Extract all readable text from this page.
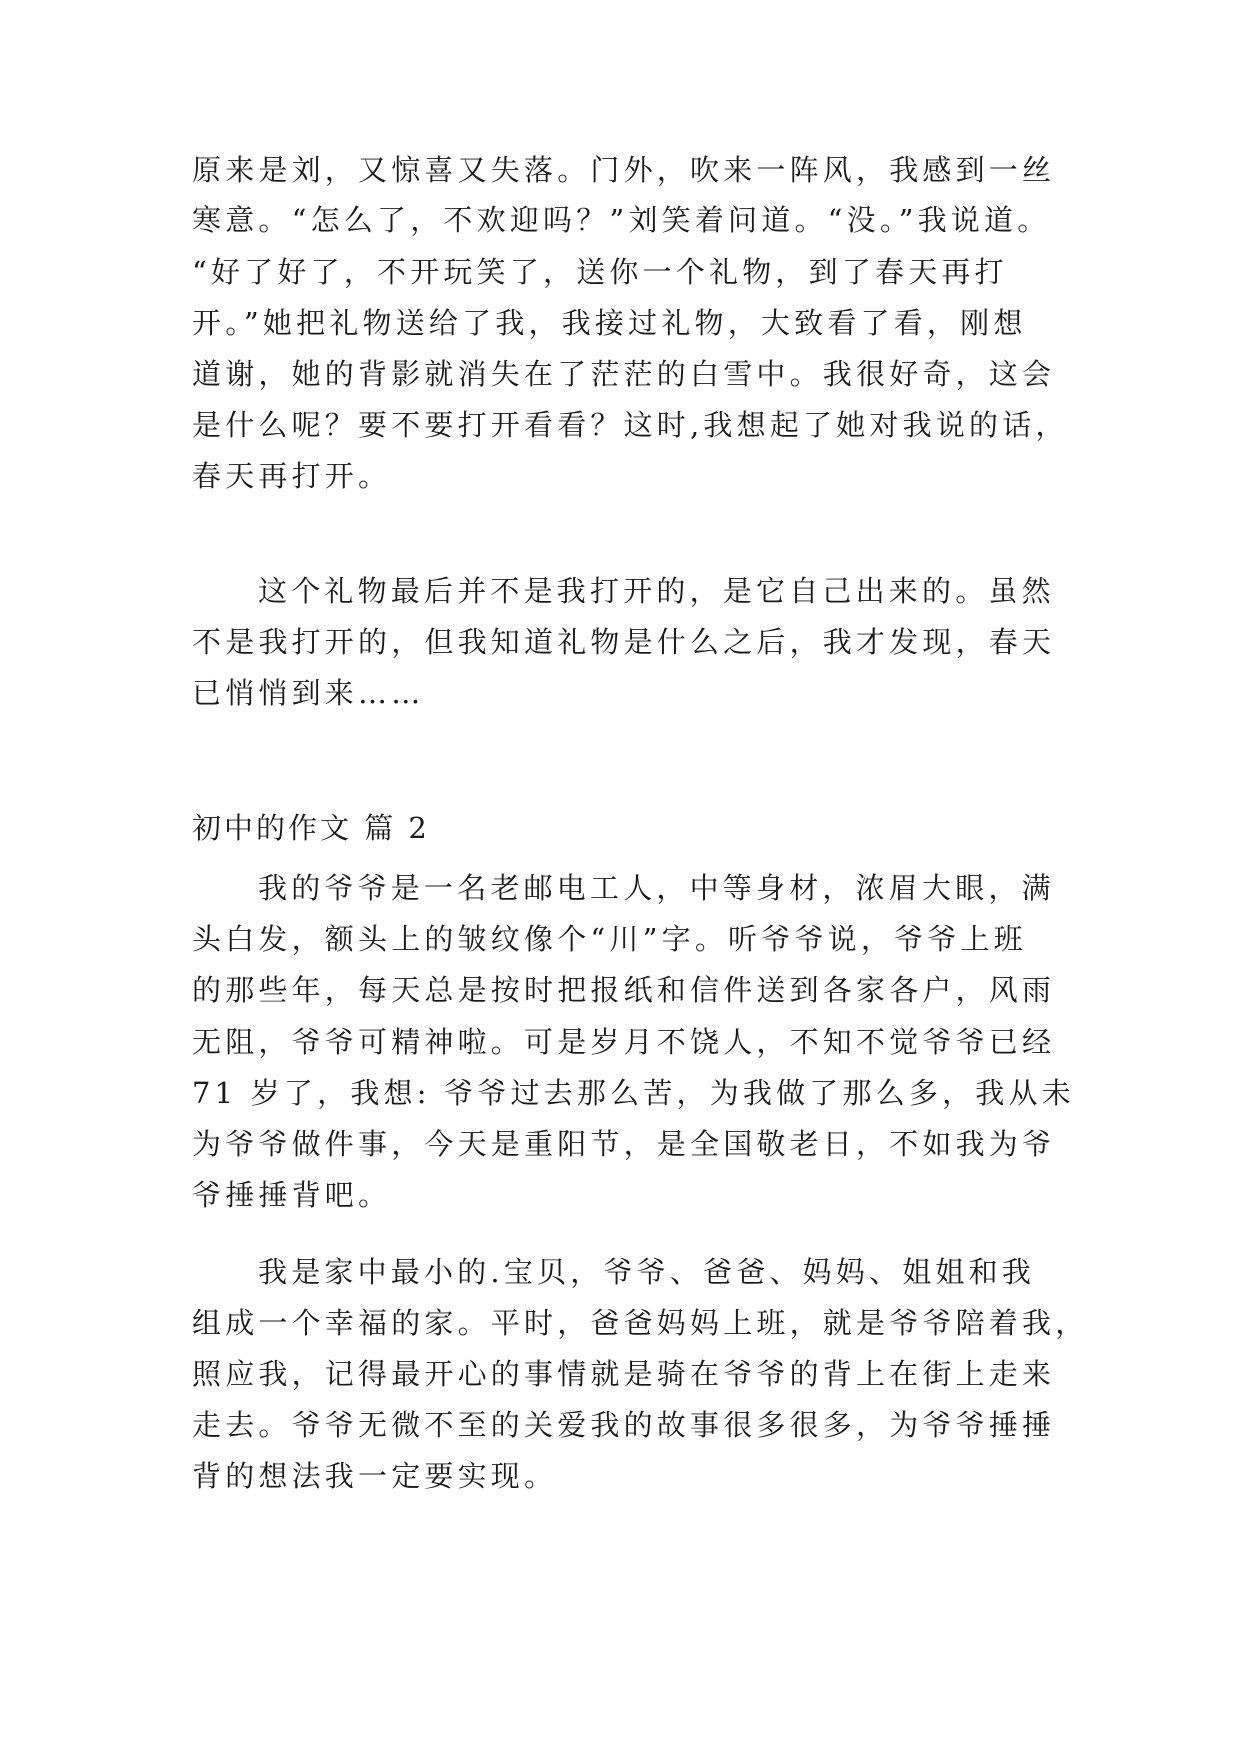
原来是刘，又惊喜又失落。门外，吹来一阵风，我感到一丝
寒意。“怎么了，不欢迎吗？”刘笑着问道。“没。”我说道。
“好了好了，不开玩笑了，送你一个礼物，到了春天再打
开。”她把礼物送给了我，我接过礼物，大致看了看，刚想
道谢，她的背影就消失在了茫茫的白雪中。我很好奇，这会
是什么呢？要不要打开看看？这时,我想起了她对我说的话，
春天再打开。
这个礼物最后并不是我打开的，是它自己出来的。虽然
不是我打开的，但我知道礼物是什么之后，我才发现，春天
已悄悄到来……
初中的作文 篇 2
我的爷爷是一名老邮电工人，中等身材，浓眉大眼，满
头白发，额头上的皱纹像个“川”字。听爷爷说，爷爷上班
的那些年，每天总是按时把报纸和信件送到各家各户，风雨
无阻，爷爷可精神啦。可是岁月不饶人，不知不觉爷爷已经
71 岁了，我想: 爷爷过去那么苦，为我做了那么多，我从未
为爷爷做件事，今天是重阳节，是全国敬老日，不如我为爷
爷捶捶背吧。
我是家中最小的.宝贝，爷爷、爸爸、妈妈、姐姐和我
组成一个幸福的家。平时，爸爸妈妈上班，就是爷爷陪着我，
照应我，记得最开心的事情就是骑在爷爷的背上在街上走来
走去。爷爷无微不至的关爱我的故事很多很多，为爷爷捶捶
背的想法我一定要实现。
